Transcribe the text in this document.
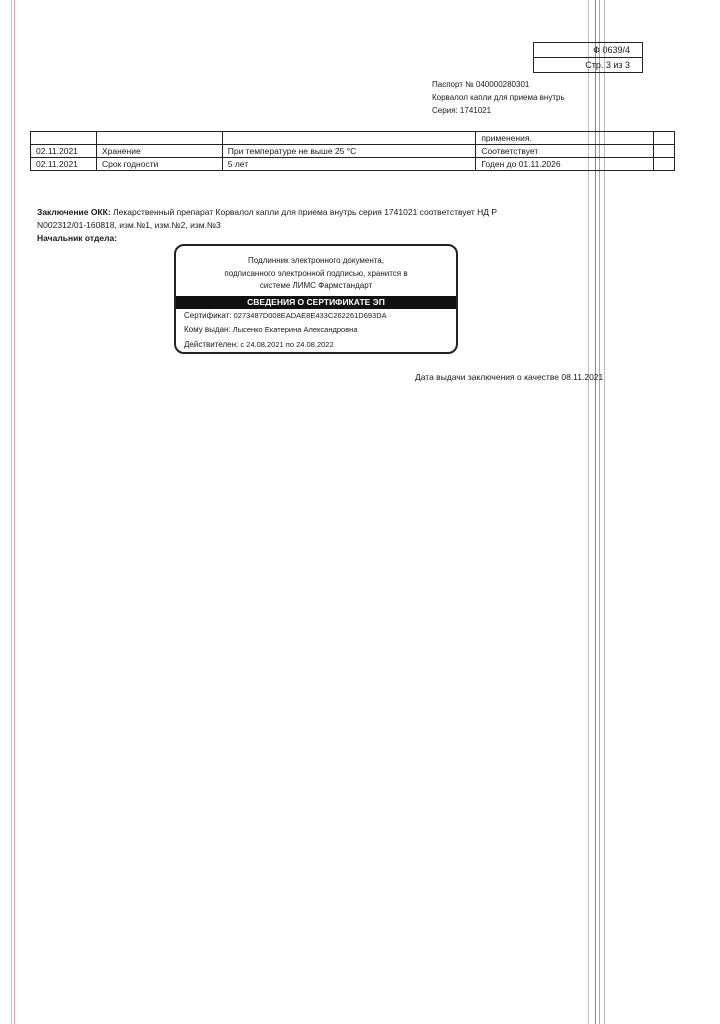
Ф 0639/4
Стр. 3 из 3
Паспорт № 040000280301
Корвалол капли для приема внутрь
Серия: 1741021
			применения.	
02.11.2021	Хранение	При температуре не выше 25 °С	Соответствует	
02.11.2021	Срок годности	5 лет	Годен до 01.11.2026	
Заключение ОКК: Лекарственный препарат Корвалол капли для приема внутрь серия 1741021 соответствует НД Р
N002312/01-160818, изм.№1, изм.№2, изм.№3
Начальник отдела:
Подлинник электронного документа,
подписанного электронной подписью, хранится в
системе ЛИМС Фармстандарт
СВЕДЕНИЯ О СЕРТИФИКАТЕ ЭП
Сертификат: 0273487D008EADAE8E433C262261D693DA
Кому выдан: Лысенко Екатерина Александровна
Действителен: с 24.08.2021 по 24.08.2022
Дата выдачи заключения о качестве 08.11.2021
